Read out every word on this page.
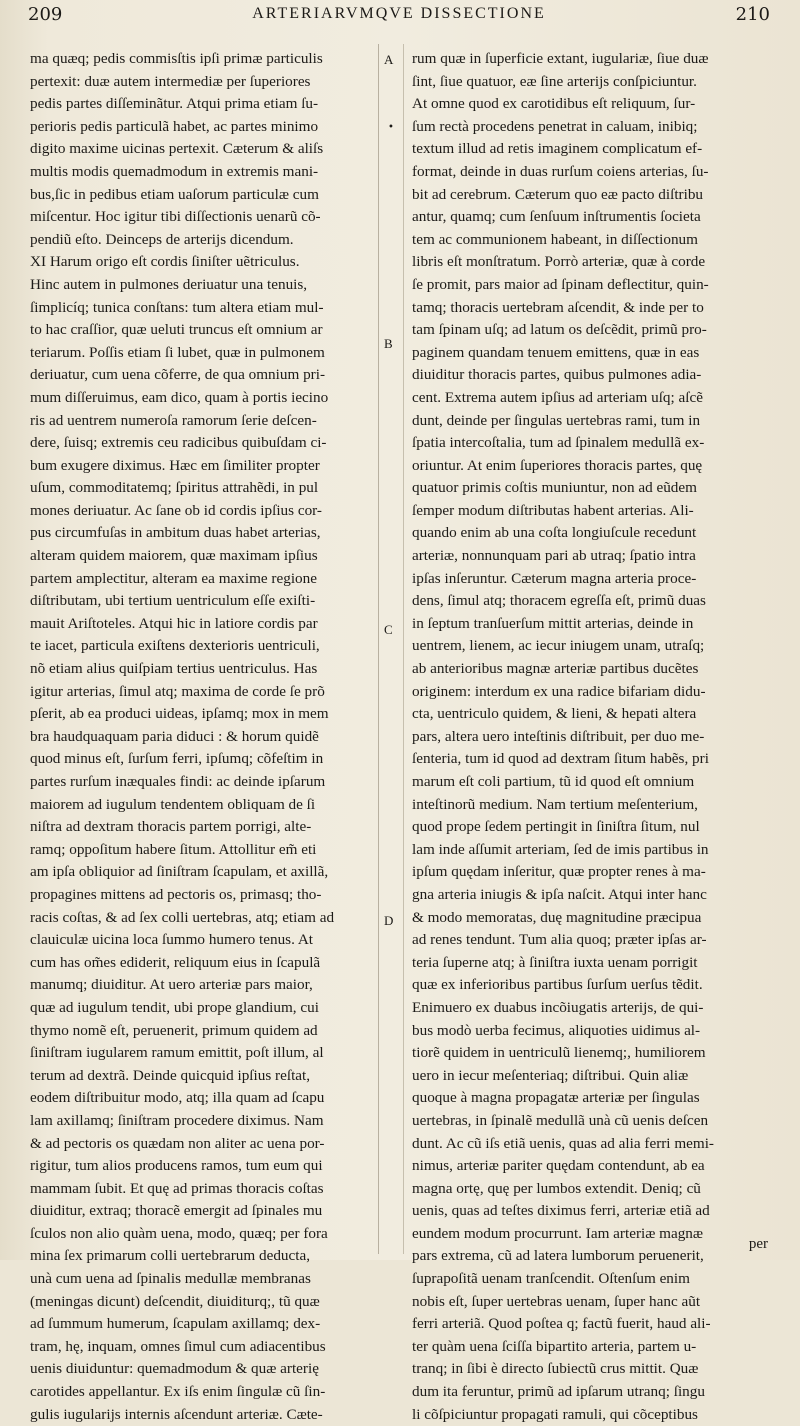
209	ARTERIARVMQVE DISSECTIONE	210
A
•
B
C
D
ma quæq; pedis commisſtis ipſi primæ particulis
pertexit: duæ autem intermediæ per ſuperiores
pedis partes diſſeminãtur. Atqui prima etiam ſu-
perioris pedis particulã habet, ac partes minimo
digito maxime uicinas pertexit. Cæterum & aliſs
multis modis quemadmodum in extremis mani-
bus,ſic in pedibus etiam uaſorum particulæ cum
miſcentur. Hoc igitur tibi diſſectionis uenarũ cõ-
pendiũ eſto. Deinceps de arterijs dicendum.
XI Harum origo eſt cordis ſiniſter uẽtriculus.
Hinc autem in pulmones deriuatur una tenuis,
ſimplicíq; tunica conſtans: tum altera etiam mul-
to hac craſſior, quæ ueluti truncus eſt omnium ar
teriarum. Poſſis etiam ſi lubet, quæ in pulmonem
deriuatur, cum uena cõferre, de qua omnium pri-
mum diſſeruimus, eam dico, quam à portis iecino
ris ad uentrem numeroſa ramorum ſerie deſcen-
dere, ſuisq; extremis ceu radicibus quibuſdam ci-
bum exugere diximus. Hæc em ſimiliter propter
uſum, commoditatemq; ſpiritus attrahẽdi, in pul
mones deriuatur. Ac ſane ob id cordis ipſius cor-
pus circumfuſas in ambitum duas habet arterias,
alteram quidem maiorem, quæ maximam ipſius
partem amplectitur, alteram ea maxime regione
diſtributam, ubi tertium uentriculum eſſe exiſti-
mauit Ariſtoteles. Atqui hic in latiore cordis par
te iacet, particula exiſtens dexterioris uentriculi,
nõ etiam alius quiſpiam tertius uentriculus. Has
igitur arterias, ſimul atq; maxima de corde ſe prõ
pſerit, ab ea produci uideas, ipſamq; mox in mem
bra haudquaquam paria diduci : & horum quidẽ
quod minus eſt, ſurſum ferri, ipſumq; cõfeſtim in
partes rurſum inæquales findi: ac deinde ipſarum
maiorem ad iugulum tendentem obliquam de ſi
niſtra ad dextram thoracis partem porrigi, alte-
ramq; oppoſitum habere ſitum. Attollitur em̃ eti
am ipſa obliquior ad ſiniſtram ſcapulam, et axillã,
propagines mittens ad pectoris os, primasq; tho-
racis coſtas, & ad ſex colli uertebras, atq; etiam ad
clauiculæ uicina loca ſummo humero tenus. At
cum has om̃es ediderit, reliquum eius in ſcapulã
manumq; diuiditur. At uero arteriæ pars maior,
quæ ad iugulum tendit, ubi prope glandium, cui
thymo nomẽ eſt, peruenerit, primum quidem ad
ſiniſtram iugularem ramum emittit, poſt illum, al
terum ad dextrã. Deinde quicquid ipſius reſtat,
eodem diſtribuitur modo, atq; illa quam ad ſcapu
lam axillamq; ſiniſtram procedere diximus. Nam
& ad pectoris os quædam non aliter ac uena por-
rigitur, tum alios producens ramos, tum eum qui
mammam ſubit. Et quę ad primas thoracis coſtas
diuiditur, extraq; thoracẽ emergit ad ſpinales mu
ſculos non alio quàm uena, modo, quæq; per fora
mina ſex primarum colli uertebrarum deducta,
unà cum uena ad ſpinalis medullæ membranas
(meningas dicunt) deſcendit, diuiditurq;, tũ quæ
ad ſummum humerum, ſcapulam axillamq; dex-
tram, hę, inquam, omnes ſimul cum adiacentibus
uenis diuiduntur: quemadmodum & quæ arterię
carotides appellantur. Ex iſs enim ſingulæ cũ ſin-
gulis iugularijs internis aſcendunt arteriæ. Cæte-
rum quæ in ſuperficie extant, iugulariæ, ſiue duæ
ſint, ſiue quatuor, eæ ſine arterijs conſpiciuntur.
At omne quod ex carotidibus eſt reliquum, ſur-
ſum rectà procedens penetrat in caluam, inibiq;
textum illud ad retis imaginem complicatum ef-
format, deinde in duas rurſum coiens arterias, ſu-
bit ad cerebrum. Cæterum quo eæ pacto diſtribu
antur, quamq; cum ſenſuum inſtrumentis ſocieta
tem ac communionem habeant, in diſſectionum
libris eſt monſtratum. Porrò arteriæ, quæ à corde
ſe promit, pars maior ad ſpinam deflectitur, quin-
tamq; thoracis uertebram aſcendit, & inde per to
tam ſpinam uſq; ad latum os deſcẽdit, primũ pro-
paginem quandam tenuem emittens, quæ in eas
diuiditur thoracis partes, quibus pulmones adia-
cent. Extrema autem ipſius ad arteriam uſq; aſcẽ
dunt, deinde per ſingulas uertebras rami, tum in
ſpatia intercoſtalia, tum ad ſpinalem medullã ex-
oriuntur. At enim ſuperiores thoracis partes, quę
quatuor primis coſtis muniuntur, non ad eũdem
ſemper modum diſtributas habent arterias. Ali-
quando enim ab una coſta longiuſcule recedunt
arteriæ, nonnunquam pari ab utraq; ſpatio intra
ipſas inſeruntur. Cæterum magna arteria proce-
dens, ſimul atq; thoracem egreſſa eſt, primũ duas
in ſeptum tranſuerſum mittit arterias, deinde in
uentrem, lienem, ac iecur iniugem unam, utraſq;
ab anterioribus magnæ arteriæ partibus ducẽtes
originem: interdum ex una radice bifariam didu-
cta, uentriculo quidem, & lieni, & hepati altera
pars, altera uero inteſtinis diſtribuit, per duo me-
ſenteria, tum id quod ad dextram ſitum habẽs, pri
marum eſt coli partium, tũ id quod eſt omnium
inteſtinorũ medium. Nam tertium meſenterium,
quod prope ſedem pertingit in ſiniſtra ſitum, nul
lam inde aſſumit arteriam, ſed de imis partibus in
ipſum quędam inſeritur, quæ propter renes à ma-
gna arteria iniugis & ipſa naſcit. Atqui inter hanc
& modo memoratas, duę magnitudine præcipua
ad renes tendunt. Tum alia quoq; præter ipſas ar-
teria ſuperne atq; à ſiniſtra iuxta uenam porrigit
quæ ex inferioribus partibus ſurſum uerſus tẽdit.
Enimuero ex duabus incõiugatis arterijs, de qui-
bus modò uerba fecimus, aliquoties uidimus al-
tiorẽ quidem in uentriculũ lienemq;, humiliorem
uero in iecur meſenteriaq; diſtribui. Quin aliæ
quoque à magna propagatæ arteriæ per ſingulas
uertebras, in ſpinalẽ medullã unà cũ uenis deſcen
dunt. Ac cũ iſs etiã uenis, quas ad alia ferri memi-
nimus, arteriæ pariter quędam contendunt, ab ea
magna ortę, quę per lumbos extendit. Deniq; cũ
uenis, quas ad teſtes diximus ferri, arteriæ etiã ad
eundem modum procurrunt. Iam arteriæ magnæ
pars extrema, cũ ad latera lumborum peruenerit,
ſuprapoſitã uenam tranſcendit. Oſtenſum enim
nobis eſt, ſuper uertebras uenam, ſuper hanc aũt
ferri arteriã. Quod poſtea q; factũ fuerit, haud ali-
ter quàm uena ſciſſa bipartito arteria, partem u-
tranq; in ſibi è directo ſubiectũ crus mittit. Quæ
dum ita feruntur, primũ ad ipſarum utranq; ſingu
li cõſpiciuntur propagati ramuli, qui cõceptibus
per
